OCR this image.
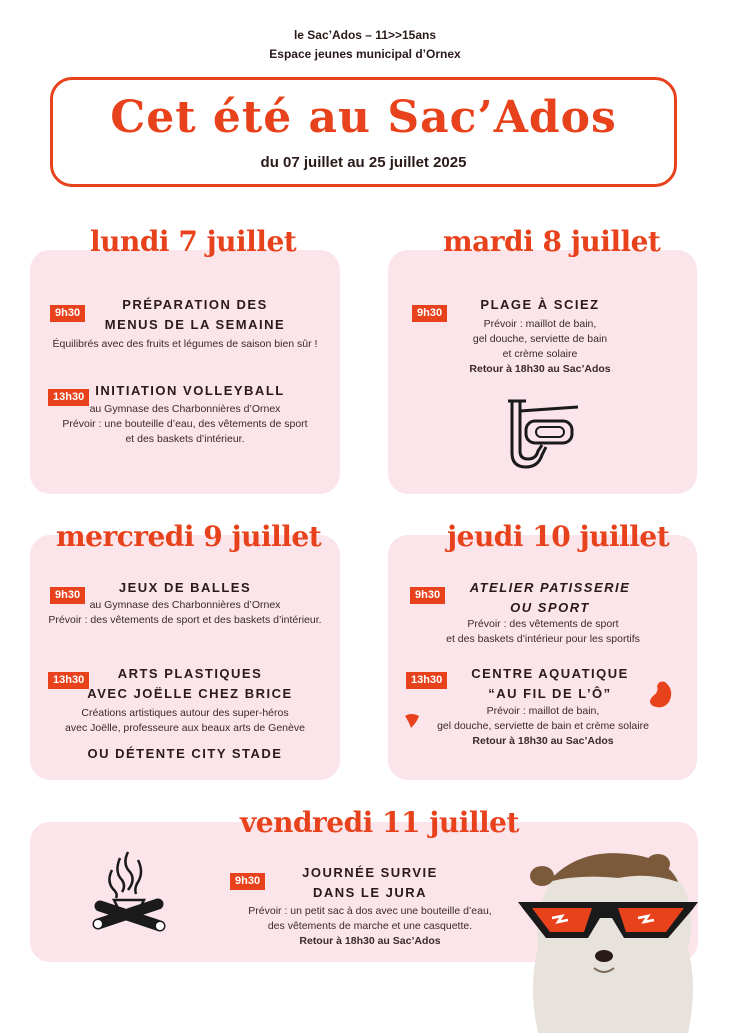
le Sac’Ados – 11>>15ans
Espace jeunes municipal d’Ornex
Cet été au Sac’Ados
du 07 juillet au 25 juillet 2025
lundi 7 juillet
9h30
PRÉPARATION DES
MENUS DE LA SEMAINE
Équilibrés avec des fruits et légumes de saison bien sûr !
13h30 INITIATION VOLLEYBALL
au Gymnase des Charbonnières d’Ornex
Prévoir : une bouteille d’eau, des vêtements de sport
et des baskets d’intérieur.
mardi 8 juillet
9h30
PLAGE À SCIEZ
Prévoir : maillot de bain,
gel douche, serviette de bain
et crème solaire
Retour à 18h30 au Sac’Ados
mercredi 9 juillet
9h30	JEUX DE BALLES
au Gymnase des Charbonnières d’Ornex
Prévoir : des vêtements de sport et des baskets d’intérieur.
13h30	ARTS PLASTIQUES
AVEC JOËLLE CHEZ BRICE
Créations artistiques autour des super-héros
avec Joëlle, professeure aux beaux arts de Genève
OU DÉTENTE CITY STADE
jeudi 10 juillet
9h30	ATELIER PATISSERIE
OU SPORT
Prévoir : des vêtements de sport
et des baskets d’intérieur pour les sportifs
13h30	CENTRE AQUATIQUE
“AU FIL DE L’Ô”
Prévoir : maillot de bain,
gel douche, serviette de bain et crème solaire
Retour à 18h30 au Sac’Ados
vendredi 11 juillet
9h30
JOURNÉE SURVIE
DANS LE JURA
Prévoir : un petit sac à dos avec une bouteille d’eau,
des vêtements de marche et une casquette.
Retour à 18h30 au Sac’Ados
